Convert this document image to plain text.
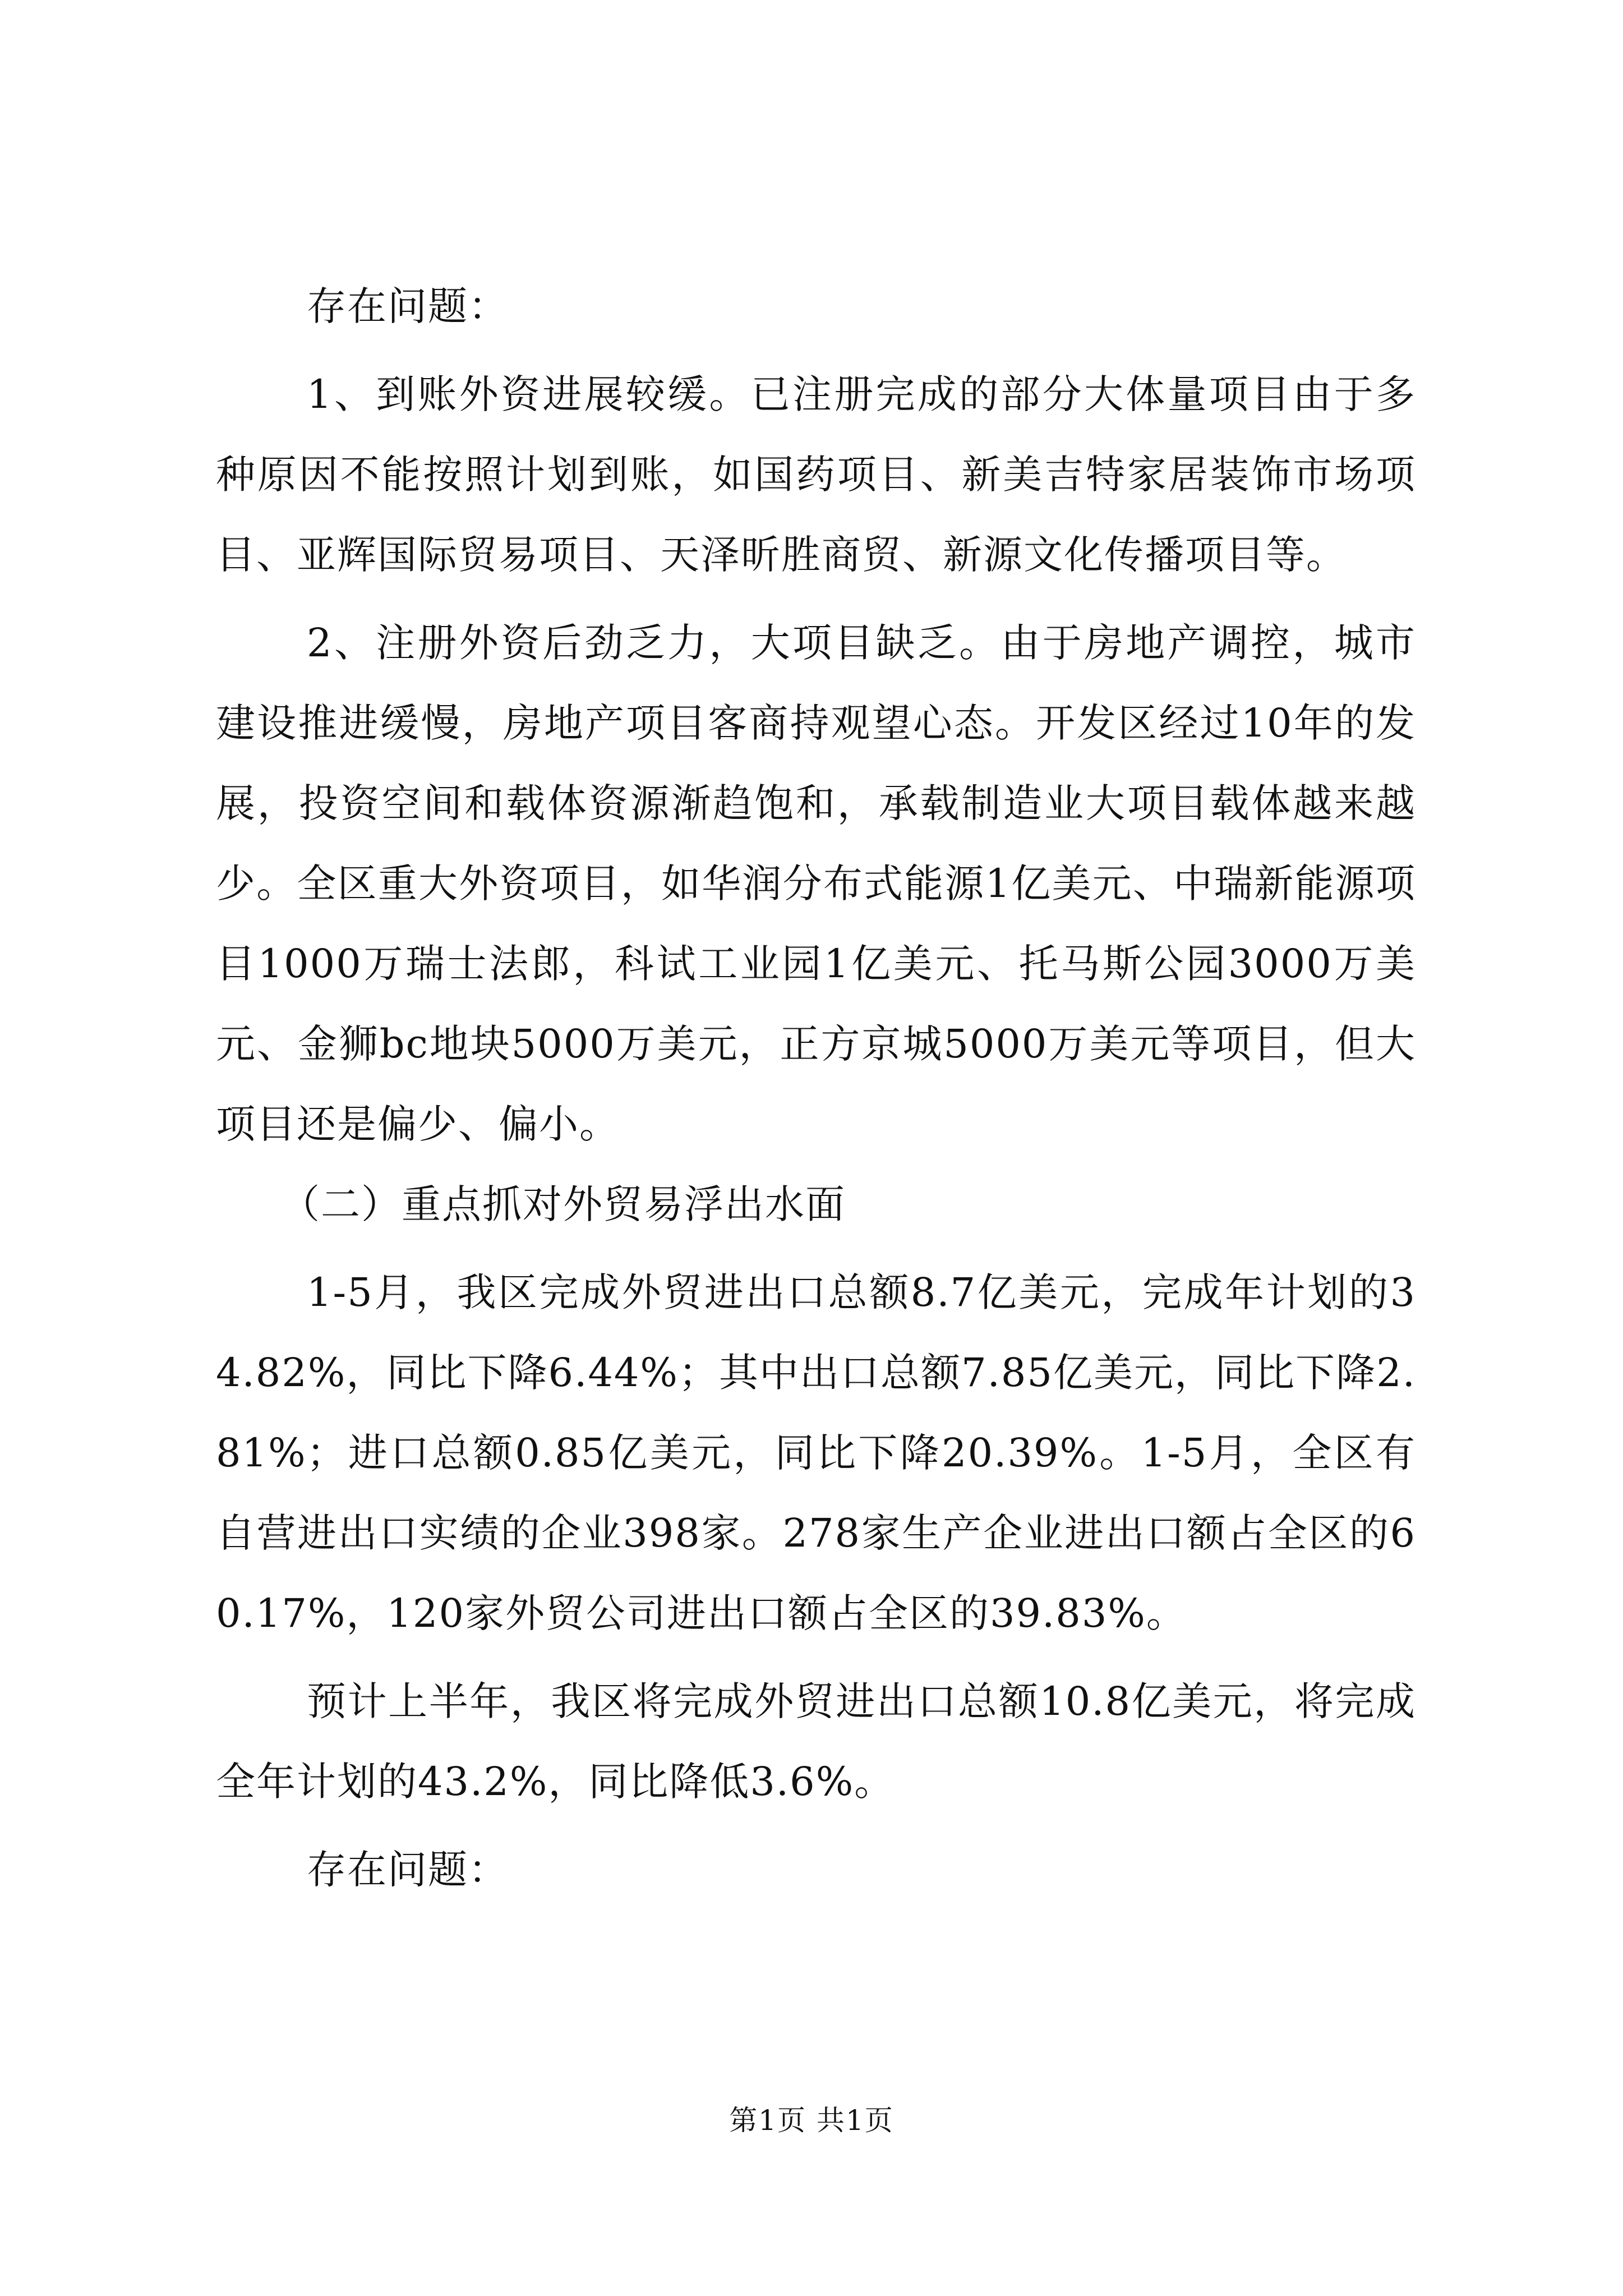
存在问题：

1、到账外资进展较缓。已注册完成的部分大体量项目由于多种原因不能按照计划到账，如国药项目、新美吉特家居装饰市场项目、亚辉国际贸易项目、天泽昕胜商贸、新源文化传播项目等。

2、注册外资后劲乏力，大项目缺乏。由于房地产调控，城市建设推进缓慢，房地产项目客商持观望心态。开发区经过10年的发展，投资空间和载体资源渐趋饱和，承载制造业大项目载体越来越少。全区重大外资项目，如华润分布式能源1亿美元、中瑞新能源项目1000万瑞士法郎，科试工业园1亿美元、托马斯公园3000万美元、金狮bc地块5000万美元，正方京城5000万美元等项目，但大项目还是偏少、偏小。

（二）重点抓对外贸易浮出水面

1-5月，我区完成外贸进出口总额8.7亿美元，完成年计划的34.82%，同比下降6.44%；其中出口总额7.85亿美元，同比下降2.81%；进口总额0.85亿美元，同比下降20.39%。1-5月，全区有自营进出口实绩的企业398家。278家生产企业进出口额占全区的60.17%，120家外贸公司进出口额占全区的39.83%。

预计上半年，我区将完成外贸进出口总额10.8亿美元，将完成全年计划的43.2%，同比降低3.6%。

存在问题：

第1页 共1页
